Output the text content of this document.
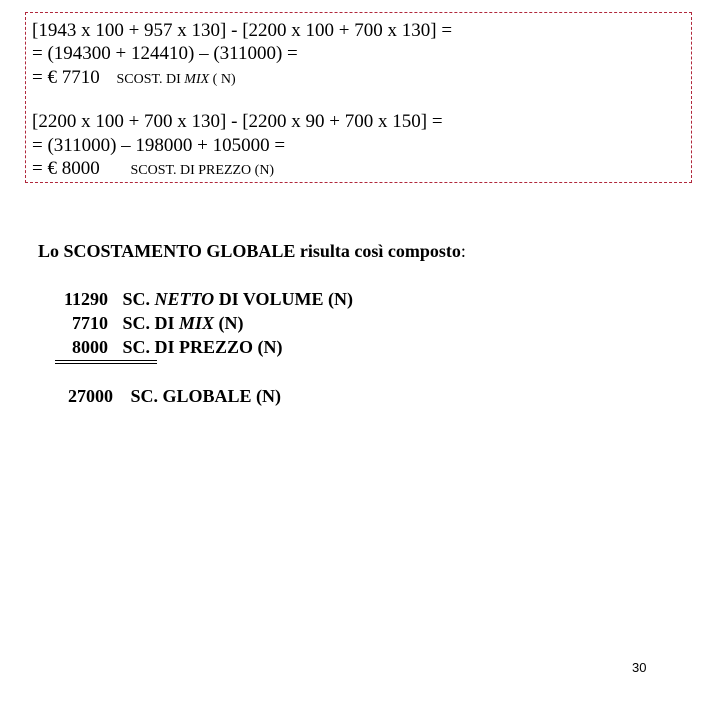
[1943 x 100 + 957 x 130] - [2200 x 100 + 700 x 130] =
= (194300 + 124410) – (311000) =
= € 7710 SCOST. DI MIX ( N)
[2200 x 100 + 700 x 130] - [2200 x 90 + 700 x 150] =
= (311000) – 198000 + 105000 =
= € 8000 SCOST. DI PREZZO (N)
Lo SCOSTAMENTO GLOBALE risulta così composto:
11290 SC. NETTO DI VOLUME (N)
7710 SC. DI MIX (N)
8000 SC. DI PREZZO (N)
27000 SC. GLOBALE (N)
30
